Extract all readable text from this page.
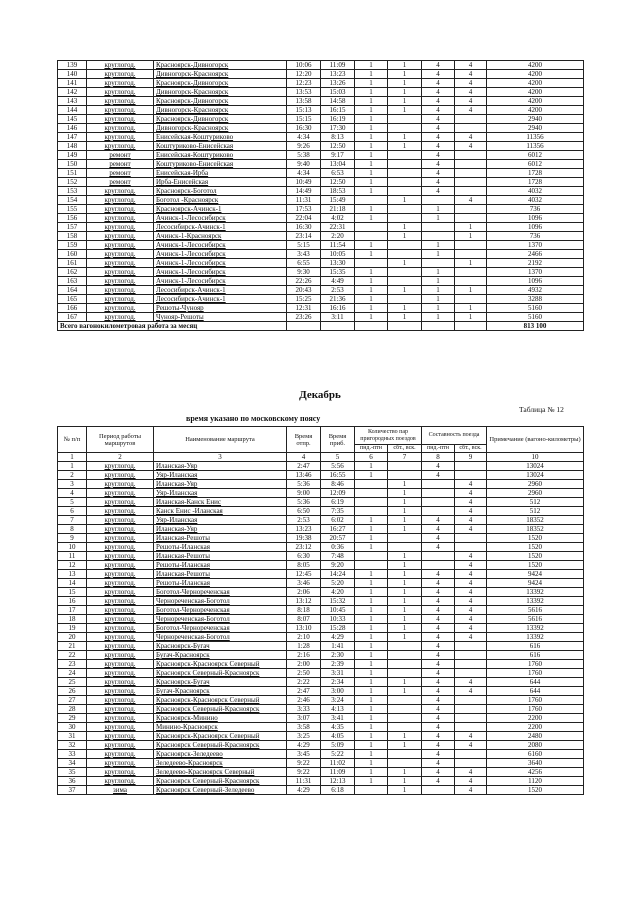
139	круглогод.	Красноярск-Дивногорск	10:06	11:09	1	1	4	4	4200
140	круглогод.	Дивногорск-Красноярск	12:20	13:23	1	1	4	4	4200
141	круглогод.	Красноярск-Дивногорск	12:23	13:26	1	1	4	4	4200
142	круглогод.	Дивногорск-Красноярск	13:53	15:03	1	1	4	4	4200
143	круглогод.	Красноярск-Дивногорск	13:58	14:58	1	1	4	4	4200
144	круглогод.	Дивногорск-Красноярск	15:13	16:15	1	1	4	4	4200
145	круглогод.	Красноярск-Дивногорск	15:15	16:19	1		4		2940
146	круглогод.	Дивногорск-Красноярск	16:30	17:30	1		4		2940
147	круглогод.	Енисейская-Коштуриково	4:34	8:13	1	1	4	4	11356
148	круглогод.	Коштуриково-Енисейская	9:26	12:50	1	1	4	4	11356
149	ремонт	Енисейская-Коштуриково	5:38	9:17	1		4		6012
150	ремонт	Коштуриково-Енисейская	9:40	13:04	1		4		6012
151	ремонт	Енисейская-Ирба	4:34	6:53	1		4		1728
152	ремонт	Ирба-Енисейская	10:49	12:50	1		4		1728
153	круглогод.	Красноярск-Боготол	14:49	18:53	1		4		4032
154	круглогод.	Боготол -Красноярск	11:31	15:49		1		4	4032
155	круглогод.	Красноярск-Ачинск-1	17:53	21:18	1		1		736
156	круглогод.	Ачинск-1-Лесосибирск	22:04	4:02	1		1		1096
157	круглогод.	Лесосибирск-Ачинск-1	16:30	22:31		1		1	1096
158	круглогод.	Ачинск-1-Красноярск	23:14	2:20		1		1	736
159	круглогод.	Ачинск-1-Лесосибирск	5:15	11:54	1		1		1370
160	круглогод.	Ачинск-1-Лесосибирск	3:43	10:05	1		1		2466
161	круглогод.	Ачинск-1-Лесосибирск	6:55	13:30		1		1	2192
162	круглогод.	Ачинск-1-Лесосибирск	9:30	15:35	1		1		1370
163	круглогод.	Ачинск-1-Лесосибирск	22:26	4:49	1		1		1096
164	круглогод.	Лесосибирск-Ачинск-1	20:43	2:53	1	1	1	1	4932
165	круглогод.	Лесосибирск-Ачинск-1	15:25	21:36	1		1		3288
166	круглогод.	Решоты-Чунояр	12:31	16:16	1	1	1	1	5160
167	круглогод.	Чунояр-Решоты	23:26	3:11	1	1	1	1	5160
Всего вагонокилометровая работа за месяц									813 100
Декабрь
Таблица № 12
время указано по московскому поясу
№ п/п	Период работы маршрутов	Наименование маршрута	Время отпр.	Время приб.	Количество пар пригородных поездов		Составность поезда		Примечание (вагоно-километры)
					пнд.-птн	сбт., вск.	пнд.-птн	сбт., вск.	
1	2	3	4	5	6	7	8	9	10
1	круглогод.	Иланская-Уяр	2:47	5:56	1		4		13024
2	круглогод.	Уяр-Иланская	13:46	16:55	1		4		13024
3	круглогод.	Иланская-Уяр	5:36	8:46		1		4	2960
4	круглогод.	Уяр-Иланская	9:00	12:09		1		4	2960
5	круглогод.	Иланская-Канск Енис	5:36	6:19		1		4	512
6	круглогод.	Канск Енис -Иланская	6:50	7:35		1		4	512
7	круглогод.	Уяр-Иланская	2:53	6:02	1	1	4	4	18352
8	круглогод.	Иланская-Уяр	13:23	16:27	1	1	4	4	18352
9	круглогод.	Иланская-Решоты	19:38	20:57	1		4		1520
10	круглогод.	Решоты-Иланская	23:12	0:36	1		4		1520
11	круглогод.	Иланская-Решоты	6:30	7:48		1		4	1520
12	круглогод.	Решоты-Иланская	8:05	9:20		1		4	1520
13	круглогод.	Иланская-Решоты	12:45	14:24	1	1	4	4	9424
14	круглогод.	Решоты-Иланская	3:46	5:20	1	1	4	4	9424
15	круглогод.	Боготол-Чернореченская	2:06	4:20	1	1	4	4	13392
16	круглогод.	Чернореченская-Боготол	13:12	15:32	1	1	4	4	13392
17	круглогод.	Боготол-Чернореченская	8:18	10:45	1	1	4	4	5616
18	круглогод.	Чернореченская-Боготол	8:07	10:33	1	1	4	4	5616
19	круглогод.	Боготол-Чернореченская	13:10	15:28	1	1	4	4	13392
20	круглогод.	Чернореченская-Боготол	2:10	4:29	1	1	4	4	13392
21	круглогод.	Красноярск-Бугач	1:28	1:41	1		4		616
22	круглогод.	Бугач-Красноярск	2:16	2:30	1		4		616
23	круглогод.	Красноярск-Красноярск Северный	2:00	2:39	1		4		1760
24	круглогод.	Красноярск Северный-Красноярск	2:50	3:31	1		4		1760
25	круглогод.	Красноярск-Бугач	2:22	2:34	1	1	4	4	644
26	круглогод.	Бугач-Красноярск	2:47	3:00	1	1	4	4	644
27	круглогод.	Красноярск-Красноярск Северный	2:46	3:24	1		4		1760
28	круглогод.	Красноярск Северный-Красноярск	3:33	4:13	1		4		1760
29	круглогод.	Красноярск-Минино	3:07	3:41	1		4		2200
30	круглогод.	Минино-Красноярск	3:58	4:35	1		4		2200
31	круглогод.	Красноярск-Красноярск Северный	3:25	4:05	1	1	4	4	2480
32	круглогод.	Красноярск Северный-Красноярск	4:29	5:09	1	1	4	4	2080
33	круглогод.	Красноярск-Зеледеево	3:45	5:22	1		4		6160
34	круглогод.	Зеледеево-Красноярск	9:22	11:02	1		4		3640
35	круглогод.	Зеледеево-Красноярск Северный	9:22	11:09	1	1	4	4	4256
36	круглогод.	Красноярск Северный-Красноярск	11:31	12:13	1	1	4	4	1120
37	зима	Красноярск Северный-Зеледеево	4:29	6:18		1		4	1520
